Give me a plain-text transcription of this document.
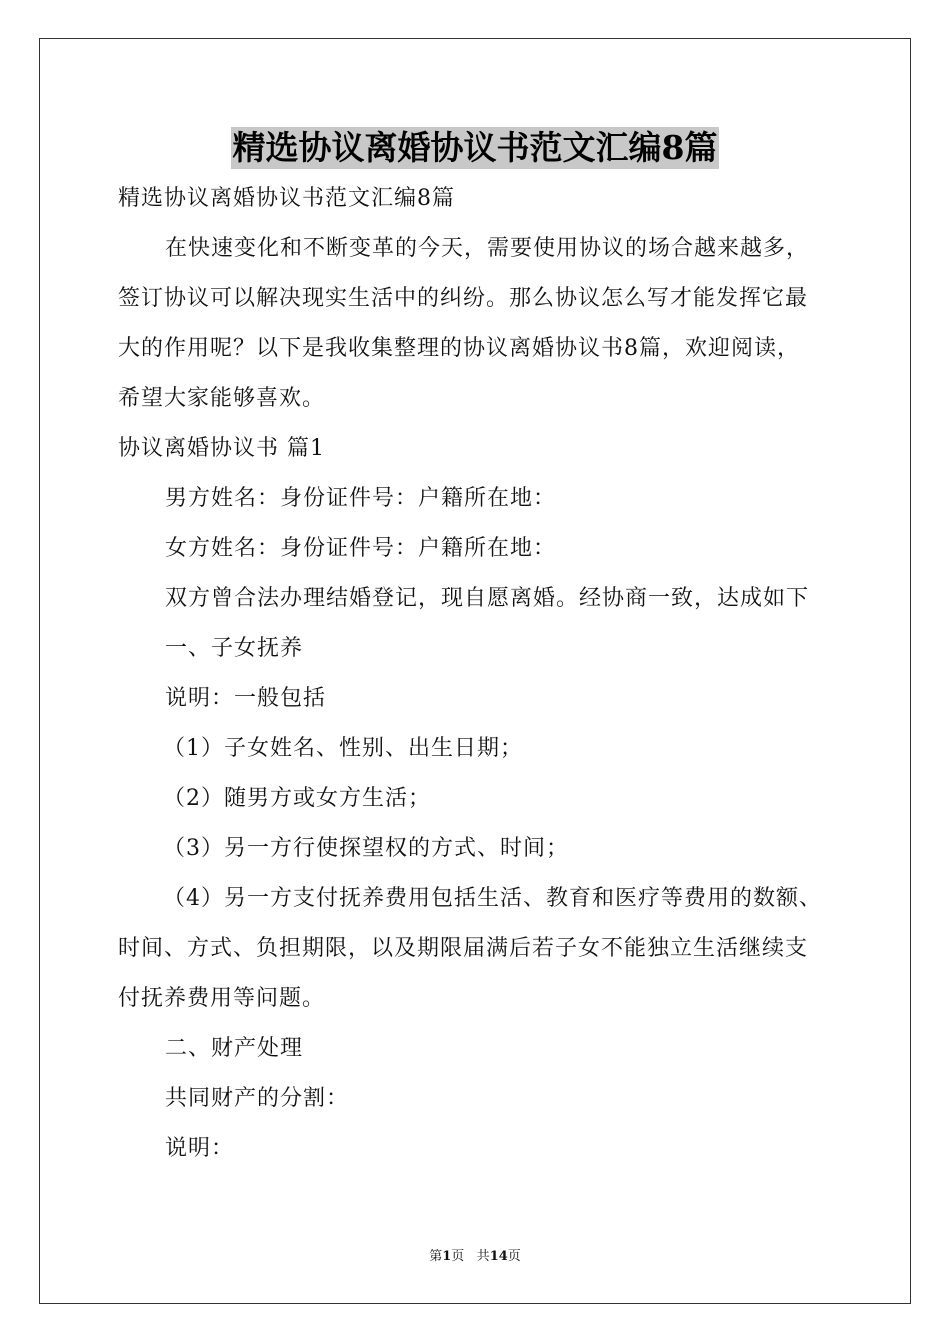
精选协议离婚协议书范文汇编8篇
精选协议离婚协议书范文汇编8篇
在快速变化和不断变革的今天，需要使用协议的场合越来越多，
签订协议可以解决现实生活中的纠纷。那么协议怎么写才能发挥它最
大的作用呢？以下是我收集整理的协议离婚协议书8篇，欢迎阅读，
希望大家能够喜欢。
协议离婚协议书 篇1
男方姓名：身份证件号：户籍所在地：
女方姓名：身份证件号：户籍所在地：
双方曾合法办理结婚登记，现自愿离婚。经协商一致，达成如下
一、子女抚养
说明：一般包括
（1）子女姓名、性别、出生日期；
（2）随男方或女方生活；
（3）另一方行使探望权的方式、时间；
（4）另一方支付抚养费用包括生活、教育和医疗等费用的数额、
时间、方式、负担期限，以及期限届满后若子女不能独立生活继续支
付抚养费用等问题。
二、财产处理
共同财产的分割：
说明：
第1页 共14页
